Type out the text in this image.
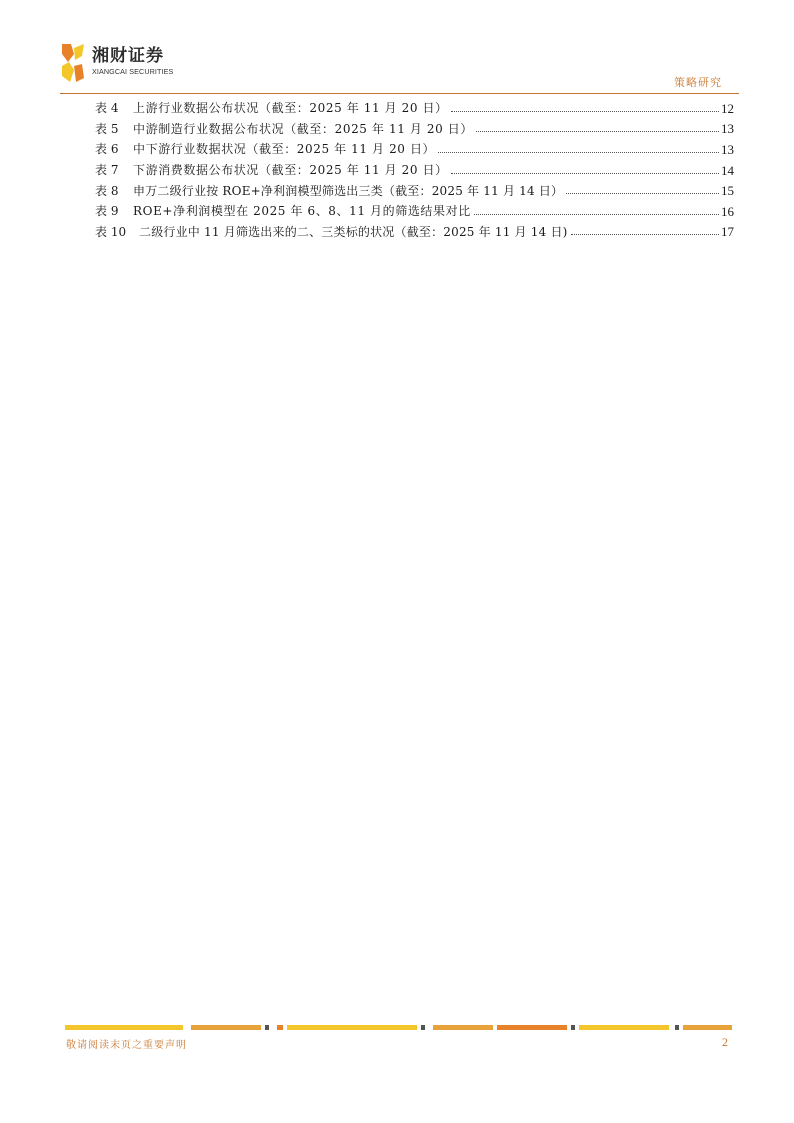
湘财证券
XIANGCAI SECURITIES
策略研究
表 4	上游行业数据公布状况（截至：2025 年 11 月 20 日）	12
表 5	中游制造行业数据公布状况（截至：2025 年 11 月 20 日）	13
表 6	中下游行业数据状况（截至：2025 年 11 月 20 日）	13
表 7	下游消费数据公布状况（截至：2025 年 11 月 20 日）	14
表 8	申万二级行业按 ROE+净利润模型筛选出三类（截至：2025 年 11 月 14 日）	15
表 9	ROE+净利润模型在 2025 年 6、8、11 月的筛选结果对比	16
表 10	二级行业中 11 月筛选出来的二、三类标的状况（截至：2025 年 11 月 14 日)	17
敬请阅读末页之重要声明	2
